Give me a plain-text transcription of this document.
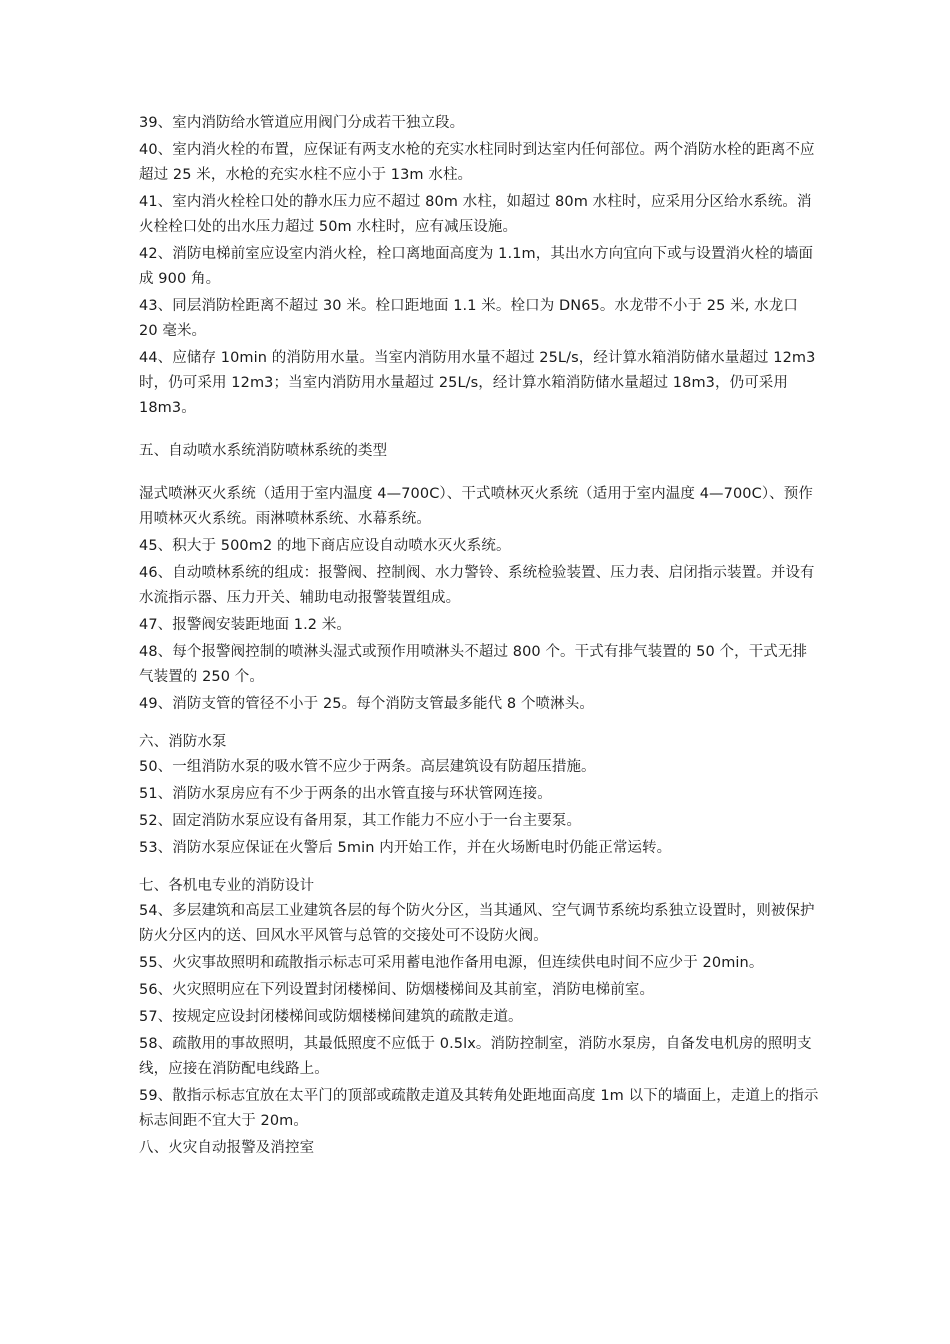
39、室内消防给水管道应用阀门分成若干独立段。

40、室内消火栓的布置，应保证有两支水枪的充实水柱同时到达室内任何部位。两个消防水栓的距离不应超过 25 米，水枪的充实水柱不应小于 13m 水柱。

41、室内消火栓栓口处的静水压力应不超过 80m 水柱，如超过 80m 水柱时，应采用分区给水系统。消火栓栓口处的出水压力超过 50m 水柱时，应有减压设施。

42、消防电梯前室应设室内消火栓，栓口离地面高度为 1.1m，其出水方向宜向下或与设置消火栓的墙面成 900 角。

43、同层消防栓距离不超过 30 米。栓口距地面 1.1 米。栓口为 DN65。水龙带不小于 25 米, 水龙口 20 毫米。

44、应储存 10min 的消防用水量。当室内消防用水量不超过 25L/s，经计算水箱消防储水量超过 12m3 时，仍可采用 12m3；当室内消防用水量超过 25L/s，经计算水箱消防储水量超过 18m3，仍可采用 18m3。

五、自动喷水系统消防喷林系统的类型

湿式喷淋灭火系统（适用于室内温度 4—700C）、干式喷林灭火系统（适用于室内温度 4—700C）、预作用喷林灭火系统。雨淋喷林系统、水幕系统。

45、积大于 500m2 的地下商店应设自动喷水灭火系统。

46、自动喷林系统的组成：报警阀、控制阀、水力警铃、系统检验装置、压力表、启闭指示装置。并设有水流指示器、压力开关、辅助电动报警装置组成。

47、报警阀安装距地面 1.2 米。

48、每个报警阀控制的喷淋头湿式或预作用喷淋头不超过 800 个。干式有排气装置的 50 个，干式无排气装置的 250 个。

49、消防支管的管径不小于 25。每个消防支管最多能代 8 个喷淋头。

六、消防水泵

50、一组消防水泵的吸水管不应少于两条。高层建筑设有防超压措施。

51、消防水泵房应有不少于两条的出水管直接与环状管网连接。

52、固定消防水泵应设有备用泵，其工作能力不应小于一台主要泵。

53、消防水泵应保证在火警后 5min 内开始工作，并在火场断电时仍能正常运转。

七、各机电专业的消防设计

54、多层建筑和高层工业建筑各层的每个防火分区，当其通风、空气调节系统均系独立设置时，则被保护防火分区内的送、回风水平风管与总管的交接处可不设防火阀。

55、火灾事故照明和疏散指示标志可采用蓄电池作备用电源，但连续供电时间不应少于 20min。

56、火灾照明应在下列设置封闭楼梯间、防烟楼梯间及其前室，消防电梯前室。

57、按规定应设封闭楼梯间或防烟楼梯间建筑的疏散走道。

58、疏散用的事故照明，其最低照度不应低于 0.5lx。消防控制室，消防水泵房，自备发电机房的照明支线，应接在消防配电线路上。

59、散指示标志宜放在太平门的顶部或疏散走道及其转角处距地面高度 1m 以下的墙面上，走道上的指示标志间距不宜大于 20m。

八、火灾自动报警及消控室
